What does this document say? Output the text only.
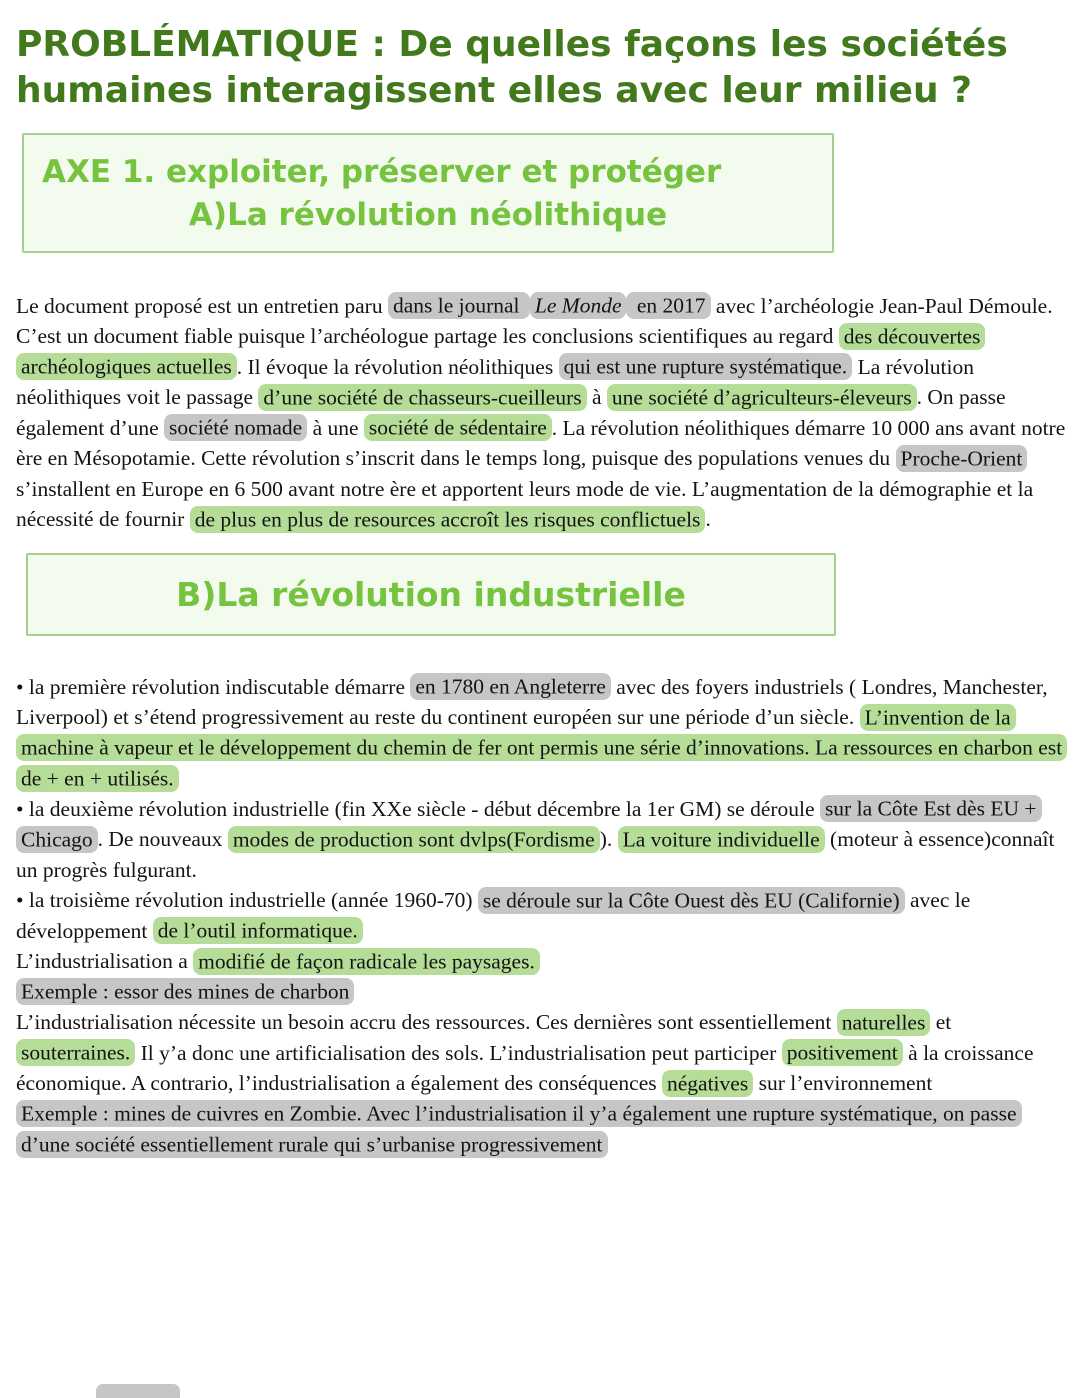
PROBLÉMATIQUE : De quelles façons les sociétés
humaines interagissent elles avec leur milieu ?
AXE 1. exploiter, préserver et protéger
A)La révolution néolithique

Le document proposé est un entretien paru dans le journal Le Monde en 2017 avec l’archéologie Jean-Paul Démoule. C’est un document fiable puisque l’archéologue partage les conclusions scientifiques au regard des découvertes archéologiques actuelles . Il évoque la révolution néolithiques qui est une rupture systématique. La révolution néolithiques voit le passage d’une société de chasseurs-cueilleurs à une société d’agriculteurs-éleveurs . On passe également d’une société nomade à une société de sédentaire . La révolution néolithiques démarre 10 000 ans avant notre ère en Mésopotamie. Cette révolution s’inscrit dans le temps long, puisque des populations venues du Proche-Orient s’installent en Europe en 6 500 avant notre ère et apportent leurs mode de vie. L’augmentation de la démographie et la nécessité de fournir de plus en plus de resources accroît les risques conflictuels .

B)La révolution industrielle

• la première révolution indiscutable démarre en 1780 en Angleterre avec des foyers industriels ( Londres, Manchester, Liverpool) et s’étend progressivement au reste du continent européen sur une période d’un siècle. L’invention de la machine à vapeur et le développement du chemin de fer ont permis une série d’innovations. La ressources en charbon est de + en + utilisés.
• la deuxième révolution industrielle (fin XXe siècle - début décembre la 1er GM) se déroule sur la Côte Est dès EU + Chicago . De nouveaux modes de production sont dvlps(Fordisme ). La voiture individuelle (moteur à essence)connaît un progrès fulgurant.
• la troisième révolution industrielle (année 1960-70) se déroule sur la Côte Ouest dès EU (Californie) avec le développement de l’outil informatique.

L’industrialisation a modifié de façon radicale les paysages.
Exemple : essor des mines de charbon
L’industrialisation nécessite un besoin accru des ressources. Ces dernières sont essentiellement naturelles et souterraines. Il y’a donc une artificialisation des sols. L’industrialisation peut participer positivement à la croissance économique. A contrario, l’industrialisation a également des conséquences négatives sur l’environnement
Exemple : mines de cuivres en Zombie. Avec l’industrialisation il y’a également une rupture systématique, on passe d’une société essentiellement rurale qui s’urbanise progressivement
